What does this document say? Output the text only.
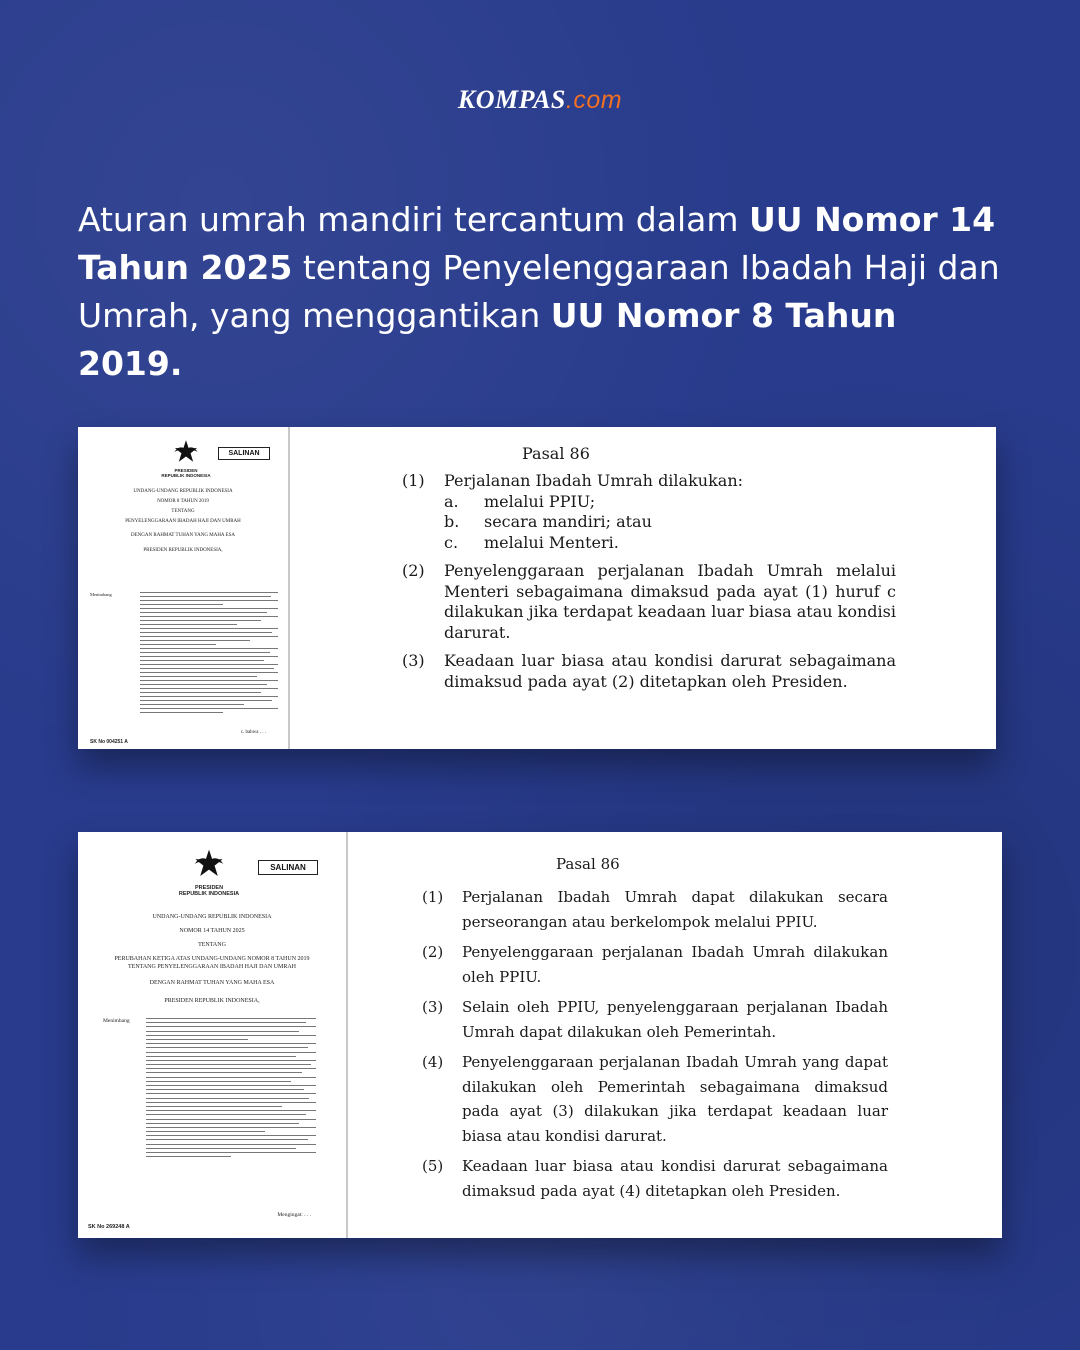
KOMPAS.com

Aturan umrah mandiri tercantum dalam UU Nomor 14 Tahun 2025 tentang Penyelenggaraan Ibadah Haji dan Umrah, yang menggantikan UU Nomor 8 Tahun 2019.

SALINAN
PRESIDEN
REPUBLIK INDONESIA
UNDANG-UNDANG REPUBLIK INDONESIA
NOMOR 8 TAHUN 2019
TENTANG
PENYELENGGARAAN IBADAH HAJI DAN UMRAH
DENGAN RAHMAT TUHAN YANG MAHA ESA
PRESIDEN REPUBLIK INDONESIA,
Menimbang
c. bahwa . . .
SK No 004251 A
Pasal 86
(1)	Perjalanan Ibadah Umrah dilakukan:
a.	melalui PPIU;
b.	secara mandiri; atau
c.	melalui Menteri.
(2)	Penyelenggaraan perjalanan Ibadah Umrah melalui Menteri sebagaimana dimaksud pada ayat (1) huruf c dilakukan jika terdapat keadaan luar biasa atau kondisi darurat.
(3)	Keadaan luar biasa atau kondisi darurat sebagaimana dimaksud pada ayat (2) ditetapkan oleh Presiden.
SALINAN
PRESIDEN
REPUBLIK INDONESIA
UNDANG-UNDANG REPUBLIK INDONESIA
NOMOR 14 TAHUN 2025
TENTANG
PERUBAHAN KETIGA ATAS UNDANG-UNDANG NOMOR 8 TAHUN 2019
TENTANG PENYELENGGARAAN IBADAH HAJI DAN UMRAH
DENGAN RAHMAT TUHAN YANG MAHA ESA
PRESIDEN REPUBLIK INDONESIA,
Menimbang
Mengingat: . . .
SK No 269248 A
Pasal 86
(1)	Perjalanan Ibadah Umrah dapat dilakukan secara perseorangan atau berkelompok melalui PPIU.
(2)	Penyelenggaraan perjalanan Ibadah Umrah dilakukan oleh PPIU.
(3)	Selain oleh PPIU, penyelenggaraan perjalanan Ibadah Umrah dapat dilakukan oleh Pemerintah.
(4)	Penyelenggaraan perjalanan Ibadah Umrah yang dapat dilakukan oleh Pemerintah sebagaimana dimaksud pada ayat (3) dilakukan jika terdapat keadaan luar biasa atau kondisi darurat.
(5)	Keadaan luar biasa atau kondisi darurat sebagaimana dimaksud pada ayat (4) ditetapkan oleh Presiden.
